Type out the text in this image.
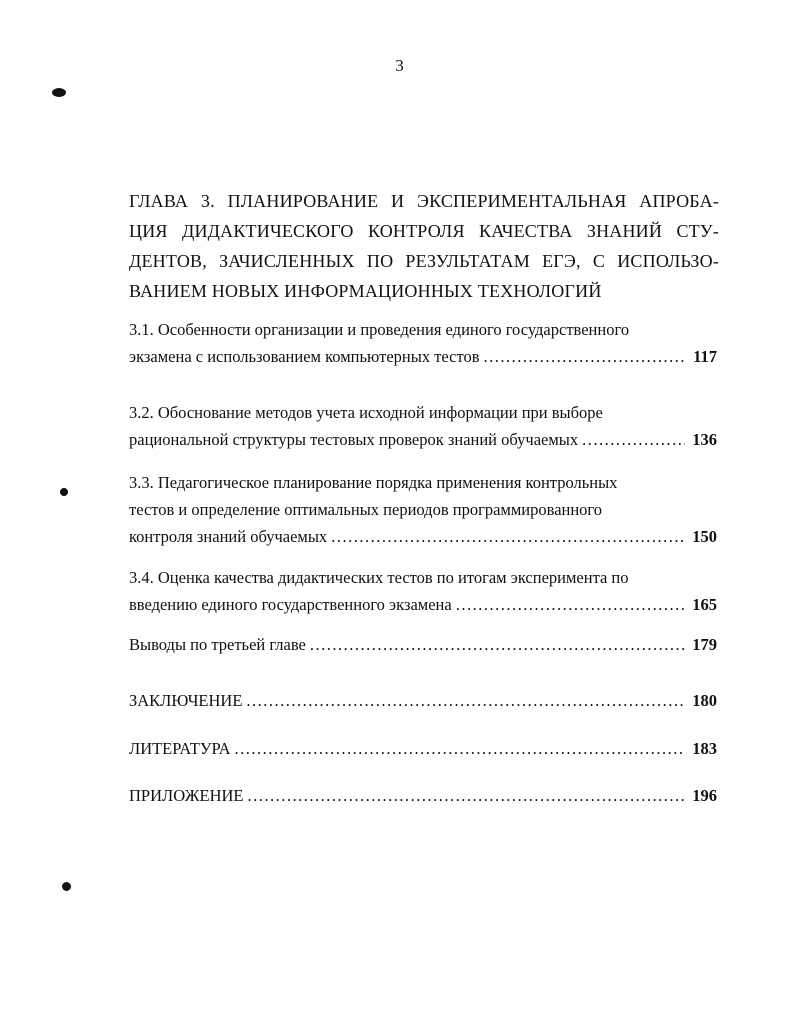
3
ГЛАВА 3. ПЛАНИРОВАНИЕ И ЭКСПЕРИМЕНТАЛЬНАЯ АПРОБА-
ЦИЯ ДИДАКТИЧЕСКОГО КОНТРОЛЯ КАЧЕСТВА ЗНАНИЙ СТУ-
ДЕНТОВ, ЗАЧИСЛЕННЫХ ПО РЕЗУЛЬТАТАМ ЕГЭ, С ИСПОЛЬЗО-
ВАНИЕМ НОВЫХ ИНФОРМАЦИОННЫХ ТЕХНОЛОГИЙ
3.1. Особенности организации и проведения единого государственного
экзамена с использованием компьютерных тестов .....	117
3.2. Обоснование методов учета исходной информации при выборе
рациональной структуры тестовых проверок знаний обучаемых .....	136
3.3. Педагогическое планирование порядка применения контрольных
тестов и определение оптимальных периодов программированного
контроля знаний обучаемых .....	150
3.4. Оценка качества дидактических тестов по итогам эксперимента по
введению единого государственного экзамена .....	165
Выводы по третьей главе .....	179
ЗАКЛЮЧЕНИЕ .....	180
ЛИТЕРАТУРА .....	183
ПРИЛОЖЕНИЕ .....	196
